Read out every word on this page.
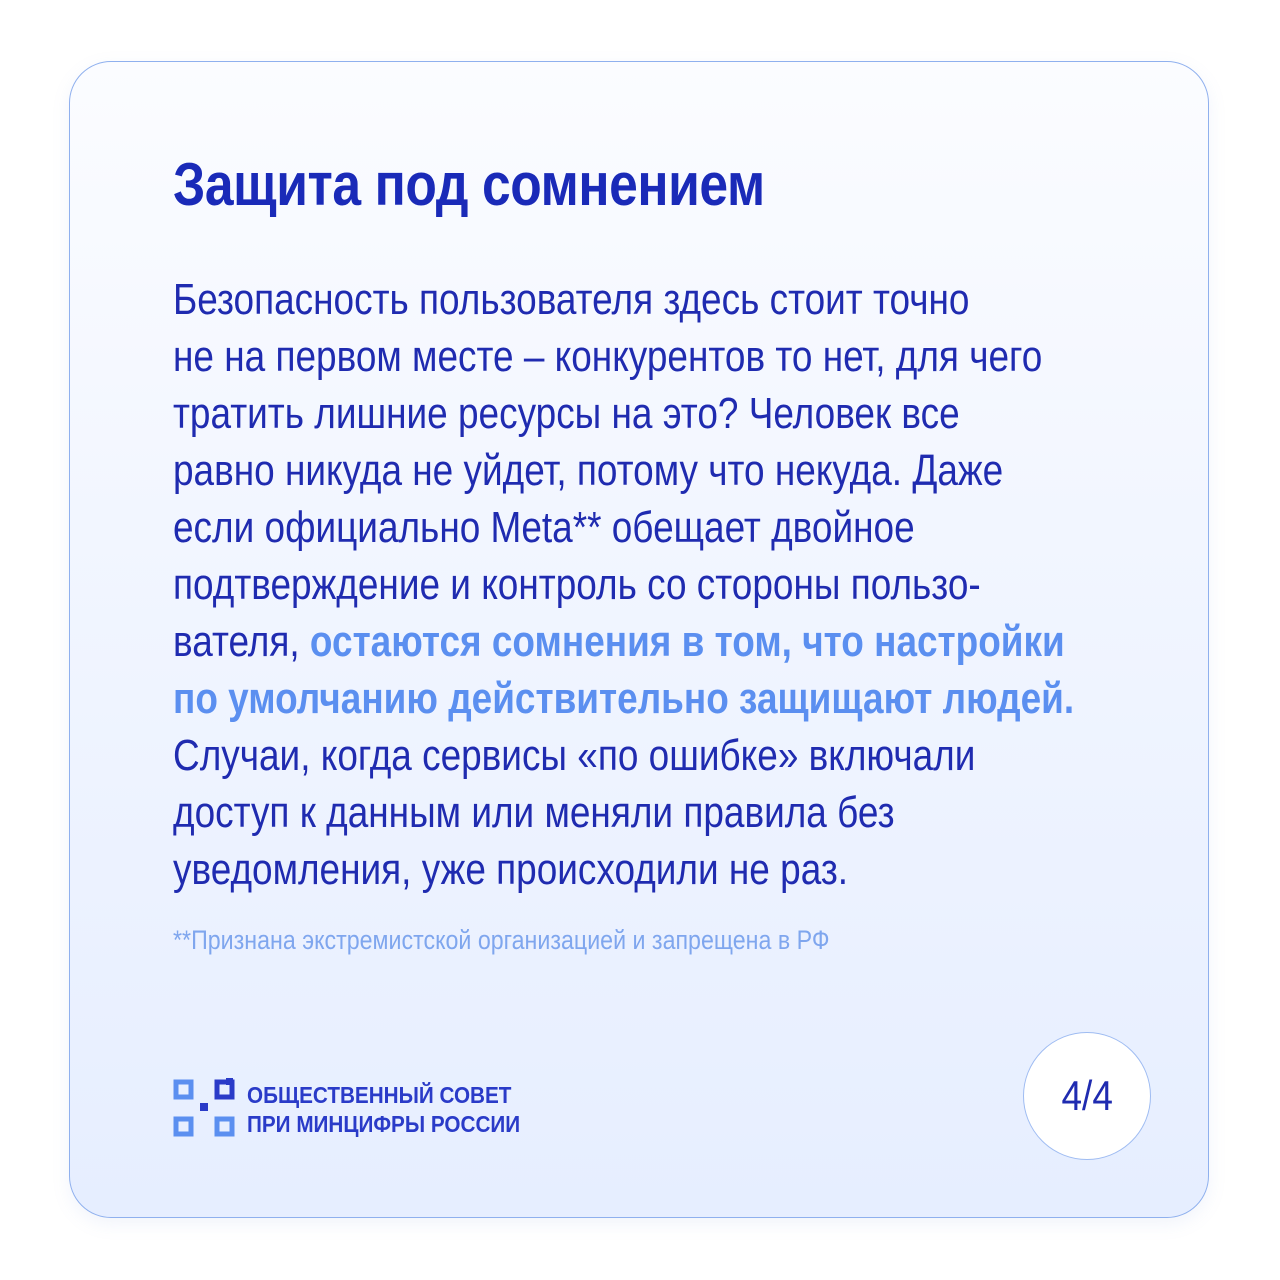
Защита под сомнением

Безопасность пользователя здесь стоит точно
не на первом месте – конкурентов то нет, для чего
тратить лишние ресурсы на это? Человек все
равно никуда не уйдет, потому что некуда. Даже
если официально Meta** обещает двойное
подтверждение и контроль со стороны пользо-
вателя, остаются сомнения в том, что настройки
по умолчанию действительно защищают людей.
Случаи, когда сервисы «по ошибке» включали
доступ к данным или меняли правила без
уведомления, уже происходили не раз.

**Признана экстремистской организацией и запрещена в РФ

ОБЩЕСТВЕННЫЙ СОВЕТ
ПРИ МИНЦИФРЫ РОССИИ
4/4
